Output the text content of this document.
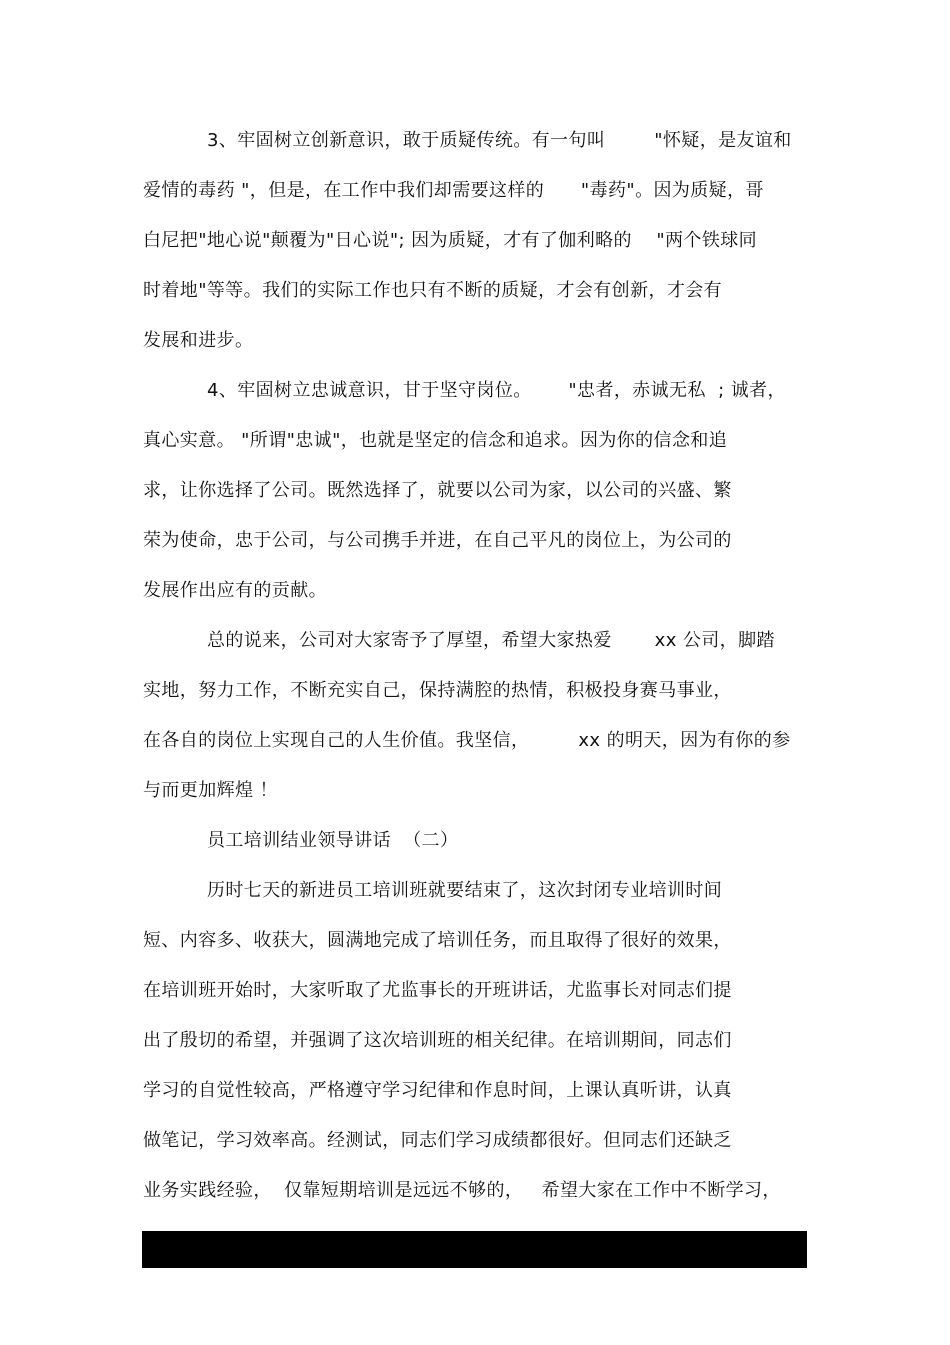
3、牢固树立创新意识，敢于质疑传统。有一句叫        "怀疑，是友谊和
爱情的毒药 "，但是，在工作中我们却需要这样的      "毒药"。因为质疑，哥
白尼把"地心说"颠覆为"日心说"; 因为质疑，才有了伽利略的    "两个铁球同
时着地"等等。我们的实际工作也只有不断的质疑，才会有创新，才会有
发展和进步。
4、牢固树立忠诚意识，甘于坚守岗位。      "忠者，赤诚无私  ; 诚者，
真心实意。 "所谓"忠诚"，也就是坚定的信念和追求。因为你的信念和追
求，让你选择了公司。既然选择了，就要以公司为家，以公司的兴盛、繁
荣为使命，忠于公司，与公司携手并进，在自己平凡的岗位上，为公司的
发展作出应有的贡献。
总的说来，公司对大家寄予了厚望，希望大家热爱       xx 公司，脚踏
实地，努力工作，不断充实自己，保持满腔的热情，积极投身赛马事业，
在各自的岗位上实现自己的人生价值。我坚信，        xx 的明天，因为有你的参
与而更加辉煌 ！
员工培训结业领导讲话  （二）
历时七天的新进员工培训班就要结束了，这次封闭专业培训时间
短、内容多、收获大，圆满地完成了培训任务，而且取得了很好的效果，
在培训班开始时，大家听取了尤监事长的开班讲话，尤监事长对同志们提
出了殷切的希望，并强调了这次培训班的相关纪律。在培训期间，同志们
学习的自觉性较高，严格遵守学习纪律和作息时间，上课认真听讲，认真
做笔记，学习效率高。经测试，同志们学习成绩都很好。但同志们还缺乏
业务实践经验，  仅靠短期培训是远远不够的，   希望大家在工作中不断学习，
